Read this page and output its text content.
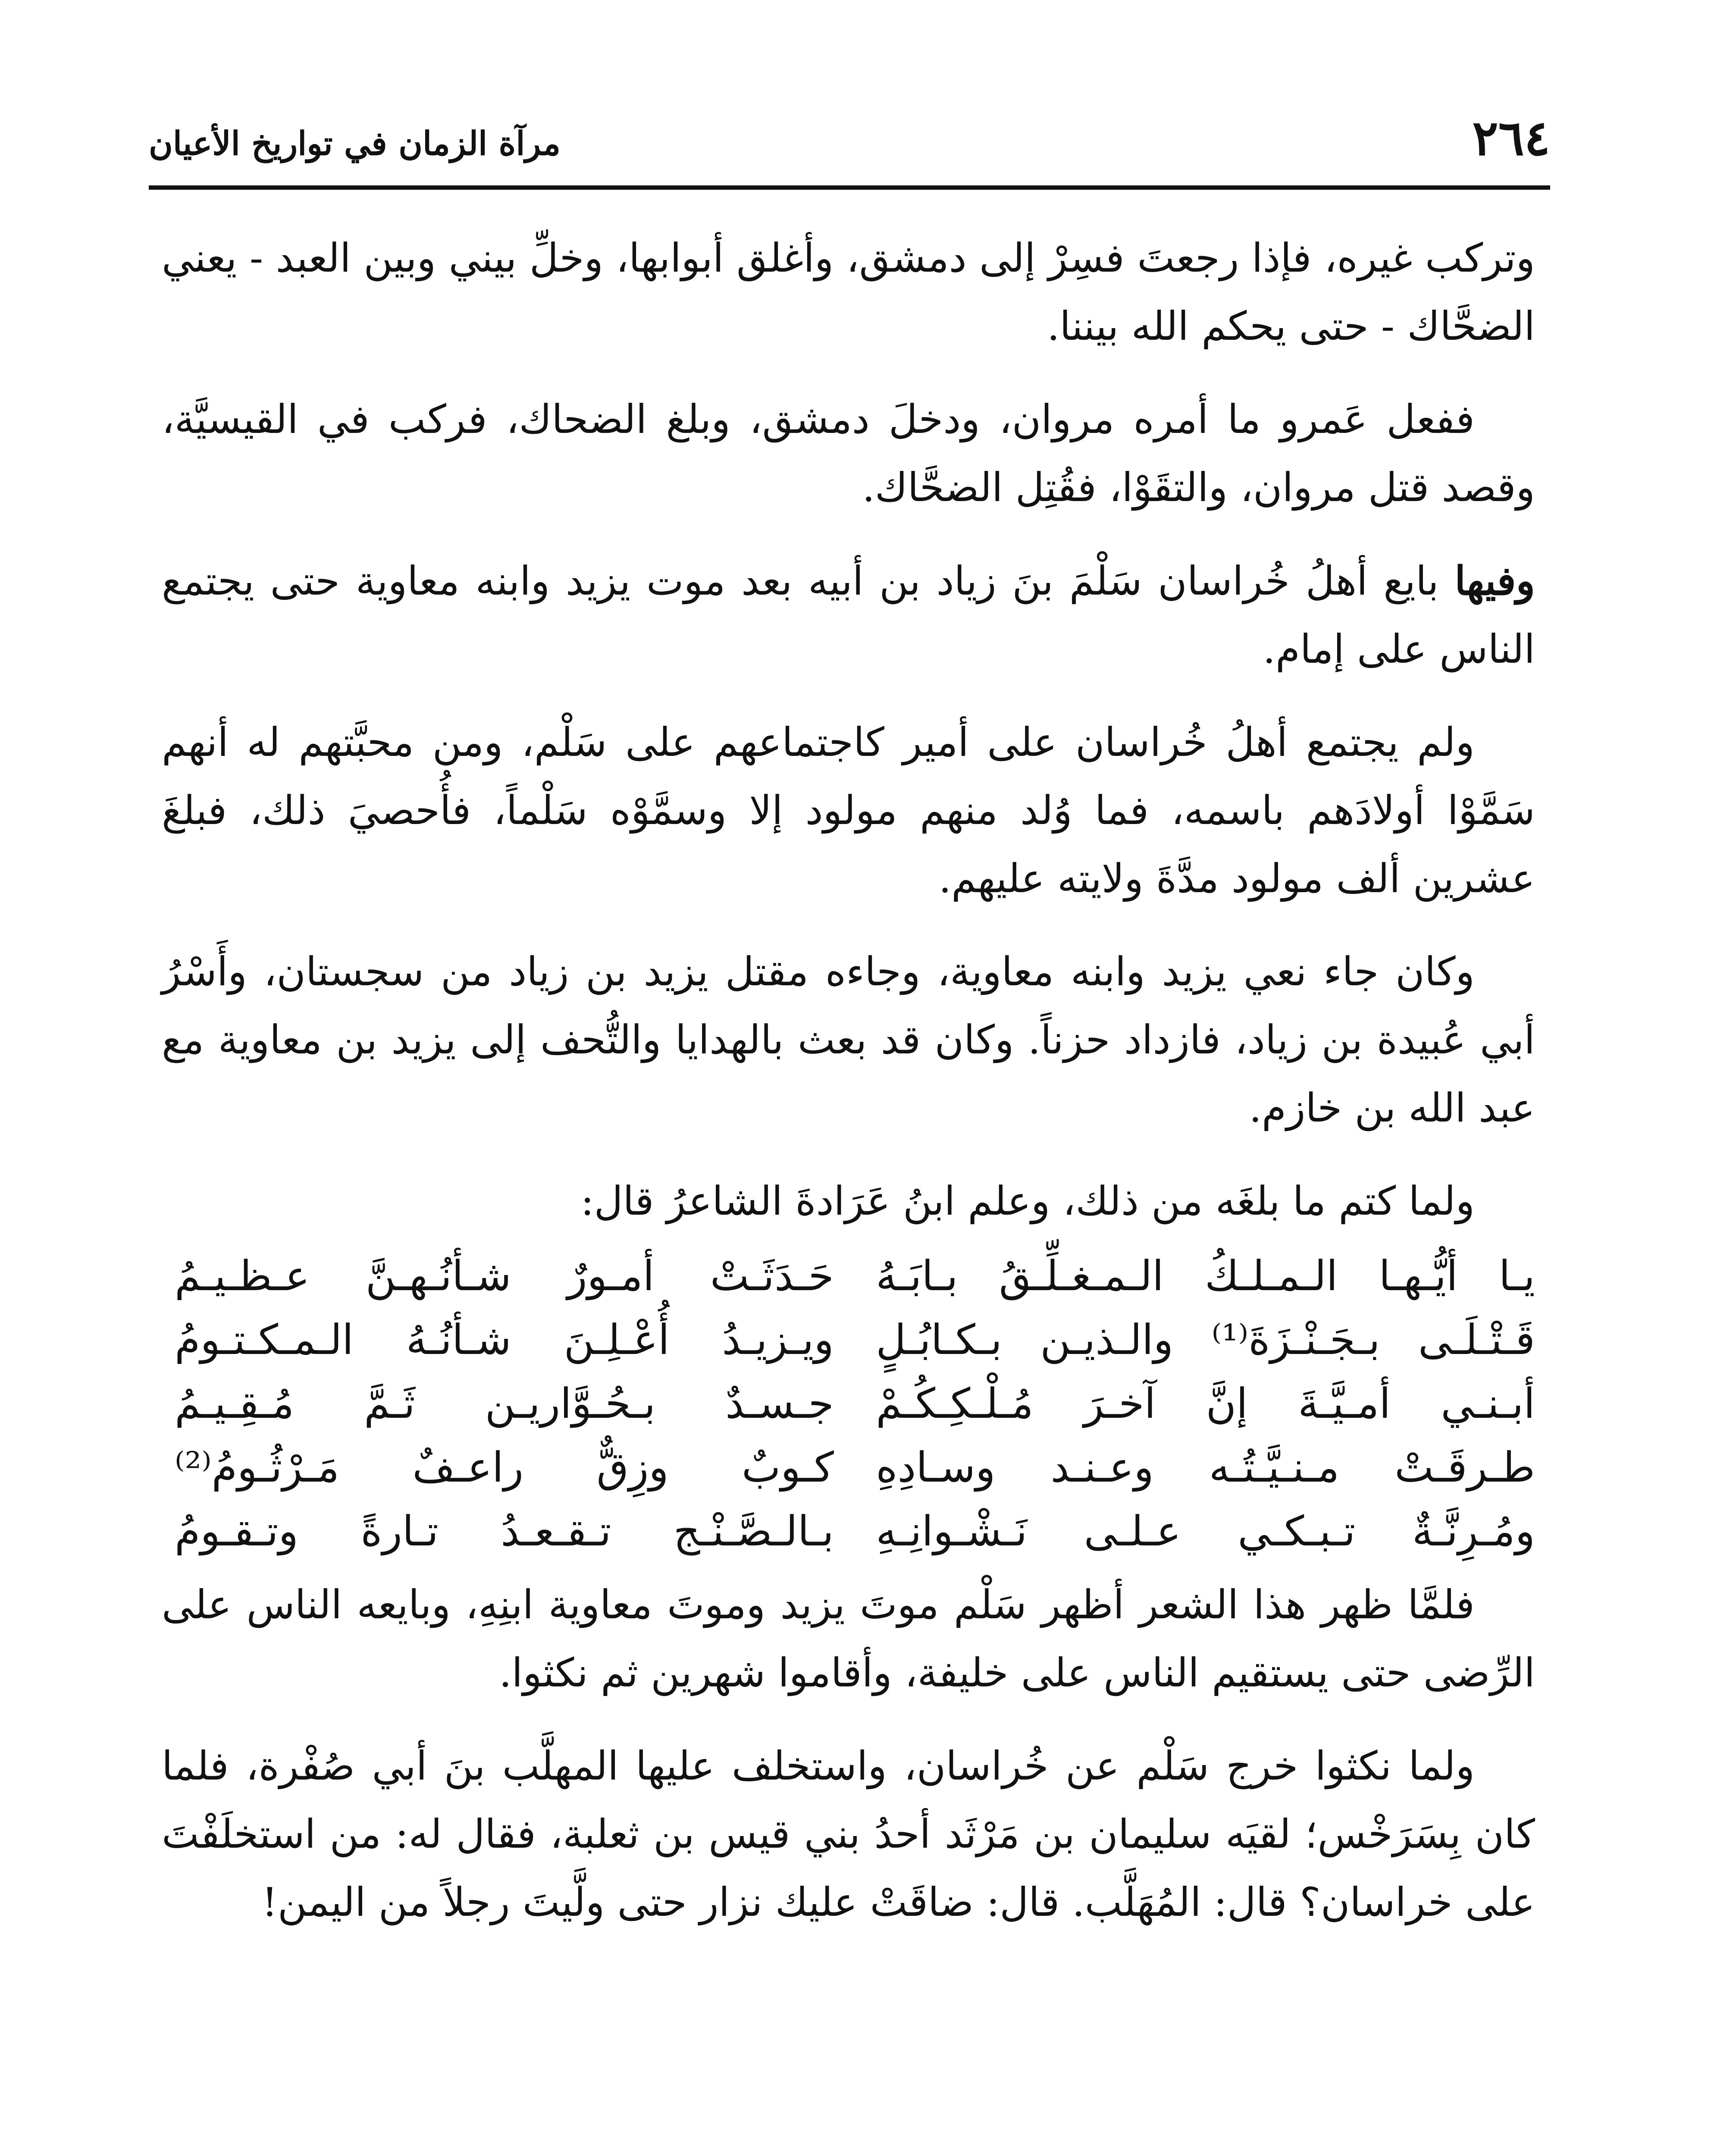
٢٦٤
مرآة الزمان في تواريخ الأعيان

وتركب غيره، فإذا رجعتَ فسِرْ إلى دمشق، وأغلق أبوابها، وخلِّ بيني وبين العبد - يعني الضحَّاك - حتى يحكم الله بيننا.

ففعل عَمرو ما أمره مروان، ودخلَ دمشق، وبلغ الضحاك، فركب في القيسيَّة، وقصد قتل مروان، والتقَوْا، فقُتِل الضحَّاك.

وفيها بايع أهلُ خُراسان سَلْمَ بنَ زياد بن أبيه بعد موت يزيد وابنه معاوية حتى يجتمع الناس على إمام.

ولم يجتمع أهلُ خُراسان على أمير كاجتماعهم على سَلْم، ومن محبَّتهم له أنهم سَمَّوْا أولادَهم باسمه، فما وُلد منهم مولود إلا وسمَّوْه سَلْماً، فأُحصيَ ذلك، فبلغَ عشرين ألف مولود مدَّةَ ولايته عليهم.

وكان جاء نعي يزيد وابنه معاوية، وجاءه مقتل يزيد بن زياد من سجستان، وأَسْرُ أبي عُبيدة بن زياد، فازداد حزناً. وكان قد بعث بالهدايا والتُّحف إلى يزيد بن معاوية مع عبد الله بن خازم.

ولما كتم ما بلغَه من ذلك، وعلم ابنُ عَرَادةَ الشاعرُ قال:

يـا أيُّـهـا الـمـلـكُ الـمـغـلِّـقُ بـابَـهُ
حَـدَثَـتْ أمـورٌ شـأنُـهـنَّ عـظـيـمُ
قَـتْـلَـى بـجَـنْـزَةَ⁽¹⁾ والـذيـن بـكـابُـلٍ
ويـزيـدُ أُعْـلِـنَ شـأنُـهُ الـمـكـتـومُ
أبـنـي أمـيَّـةَ إنَّ آخـرَ مُـلْـكِـكُـمْ
جـسـدٌ بـحُـوَّاريـن ثَـمَّ مُـقِـيـمُ
طـرقَـتْ مـنـيَّـتُـه وعـنـد وسـادِهِ
كـوبٌ وزِقٌّ راعـفٌ مَـرْثُـومُ⁽²⁾
ومُـرِنَّـةٌ تـبـكـي عـلـى نَـشْـوانِـهِ
بـالـصَّـنْـج تـقـعـدُ تـارةً وتـقـومُ

فلمَّا ظهر هذا الشعر أظهر سَلْم موتَ يزيد وموتَ معاوية ابنِهِ، وبايعه الناس على الرِّضى حتى يستقيم الناس على خليفة، وأقاموا شهرين ثم نكثوا.

ولما نكثوا خرج سَلْم عن خُراسان، واستخلف عليها المهلَّب بنَ أبي صُفْرة، فلما كان بِسَرَخْس؛ لقيَه سليمان بن مَرْثَد أحدُ بني قيس بن ثعلبة، فقال له: من استخلَفْتَ على خراسان؟ قال: المُهَلَّب. قال: ضاقَتْ عليك نزار حتى ولَّيتَ رجلاً من اليمن!
